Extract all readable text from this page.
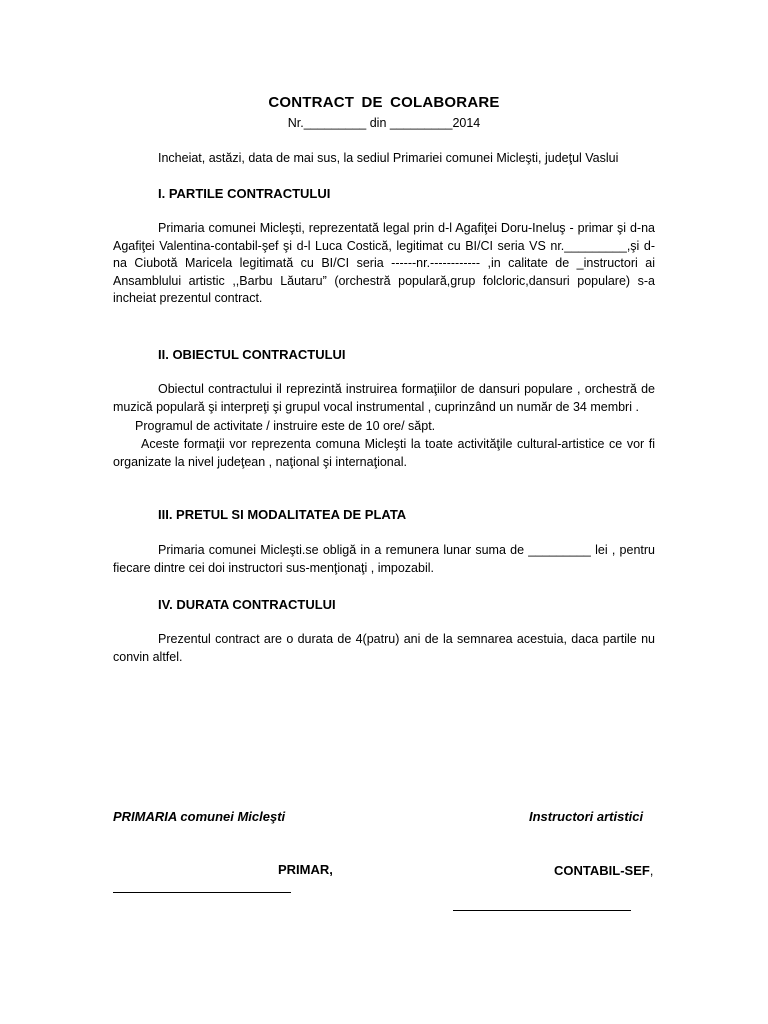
CONTRACT DE COLABORARE
Nr._________ din _________2014
Incheiat, astăzi, data de mai sus, la sediul Primariei comunei Micleşti, judeţul Vaslui
I. PARTILE CONTRACTULUI
Primaria comunei Micleşti, reprezentată legal prin d-l Agafiţei Doru-Ineluş - primar şi d-na Agafiţei Valentina-contabil-şef şi d-l Luca Costică, legitimat cu BI/CI seria VS nr._________,şi d-na Ciubotă Maricela legitimată cu BI/CI seria ------nr.------------ ,in calitate de _instructori ai Ansamblului artistic ,,Barbu Lăutaru” (orchestră populară,grup folcloric,dansuri populare) s-a incheiat prezentul contract.
II. OBIECTUL CONTRACTULUI
Obiectul contractului il reprezintă instruirea formaţiilor de dansuri populare , orchestră de muzică populară şi interpreţi şi grupul vocal instrumental , cuprinzând un număr de 34 membri .
Programul de activitate / instruire este de 10 ore/ săpt.
Aceste formaţii vor reprezenta comuna Micleşti la toate activităţile cultural-artistice ce vor fi organizate la nivel judeţean , naţional şi internaţional.
III. PRETUL SI MODALITATEA DE PLATA
Primaria comunei Micleşti.se obligă in a remunera lunar suma de _________ lei , pentru fiecare dintre cei doi instructori sus-menţionaţi , impozabil.
IV. DURATA CONTRACTULUI
Prezentul contract are o durata de 4(patru) ani de la semnarea acestuia, daca partile nu convin altfel.
PRIMARIA comunei Micleşti	Instructori artistici
PRIMAR,	CONTABIL-SEF,
